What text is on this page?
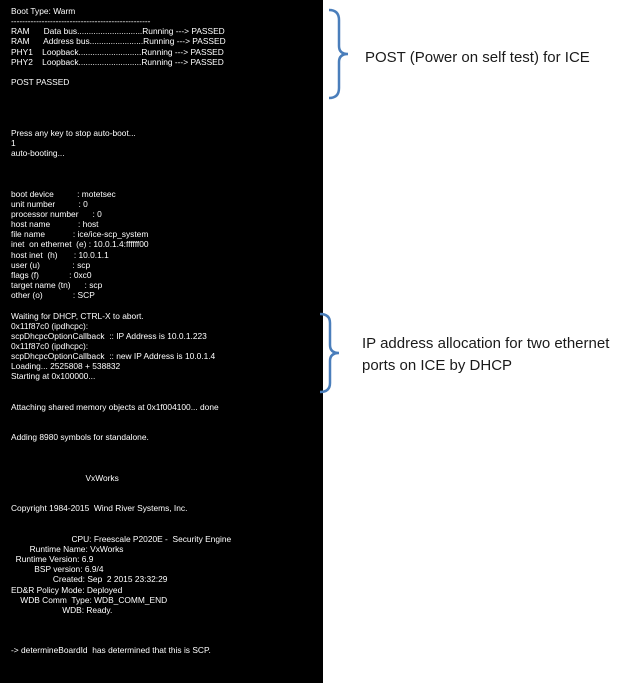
Boot Type: Warm
--------------------------------------------------
RAM      Data bus............................Running ---> PASSED
RAM      Address bus.......................Running ---> PASSED
PHY1    Loopback...........................Running ---> PASSED
PHY2    Loopback...........................Running ---> PASSED
POST PASSED
Press any key to stop auto-boot...
1
auto-booting...
boot device          : motetsec
unit number          : 0
processor number      : 0
host name            : host
file name            : ice/ice-scp_system
inet  on ethernet  (e) : 10.0.1.4:ffffff00
host inet  (h)       : 10.0.1.1
user (u)              : scp
flags (f)             : 0xc0
target name (tn)      : scp
other (o)             : SCP
Waiting for DHCP, CTRL-X to abort.
0x11f87c0 (ipdhcpc):
scpDhcpcOptionCallback  :: IP Address is 10.0.1.223
0x11f87c0 (ipdhcpc):
scpDhcpcOptionCallback  :: new IP Address is 10.0.1.4
Loading... 2525808 + 538832
Starting at 0x100000...
Attaching shared memory objects at 0x1f004100... done
Adding 8980 symbols for standalone.
VxWorks
Copyright 1984-2015  Wind River Systems, Inc.
CPU: Freescale P2020E -  Security Engine
Runtime Name: VxWorks
Runtime Version: 6.9
BSP version: 6.9/4
Created: Sep  2 2015 23:32:29
ED&R Policy Mode: Deployed
WDB Comm  Type: WDB_COMM_END
WDB: Ready.
-> determineBoardId  has determined that this is SCP.
POST (Power on self test) for ICE
IP address allocation for two ethernet
ports on ICE by DHCP
